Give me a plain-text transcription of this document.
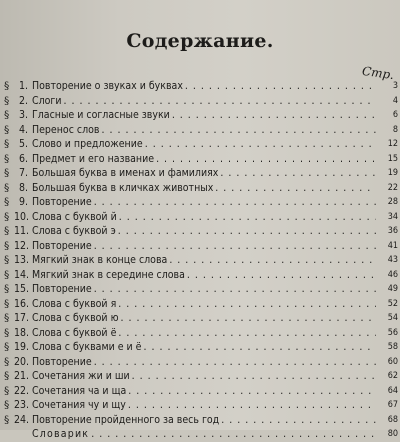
Содержание.
Стр.
§ 1. Повторение о звуках и буквах . . .	3
§ 2. Слоги . . .	4
§ 3. Гласные и согласные звуки . . .	6
§ 4. Перенос слов . . .	8
§ 5. Слово и предложение . . .	12
§ 6. Предмет и его название . . .	15
§ 7. Большая буква в именах и фамилиях . . .	19
§ 8. Большая буква в кличках животных . . .	22
§ 9. Повторение . . .	28
§ 10. Слова с буквой й . . .	34
§ 11. Слова с буквой э . . .	36
§ 12. Повторение . . .	41
§ 13. Мягкий знак в конце слова . . .	43
§ 14. Мягкий знак в середине слова . . .	46
§ 15. Повторение . . .	49
§ 16. Слова с буквой я . . .	52
§ 17. Слова с буквой ю . . .	54
§ 18. Слова с буквой ё . . .	56
§ 19. Слова с буквами е и ё . . .	58
§ 20. Повторение . . .	60
§ 21. Сочетания жи и ши . . .	62
§ 22. Сочетания ча и ща . . .	64
§ 23. Сочетания чу и щу . . .	67
§ 24. Повторение пройденного за весь год . . .	68
Словарик . . .	80
